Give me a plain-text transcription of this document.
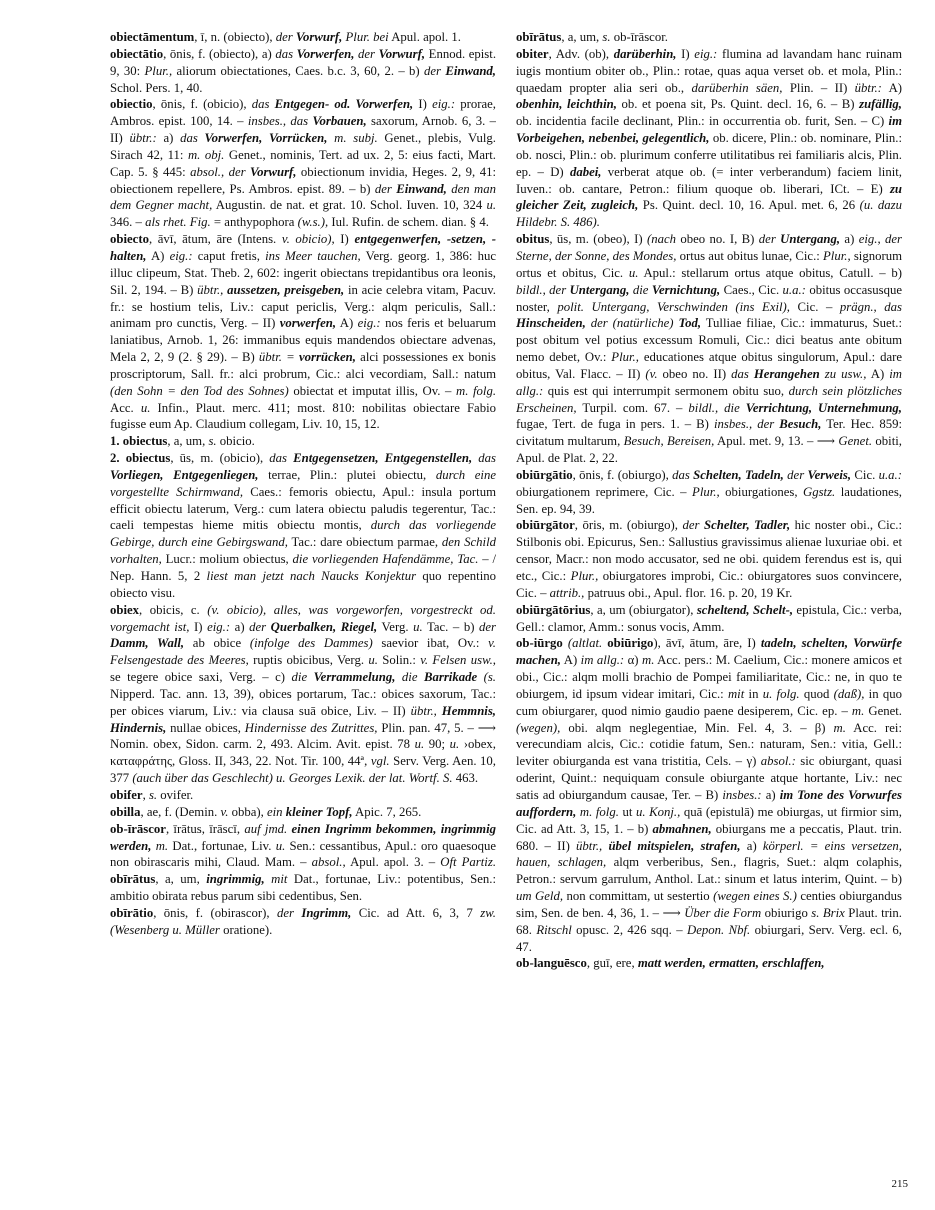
obiectāmentum, ī, n. (obiecto), der Vorwurf, Plur. bei Apul. apol. 1.

obiectātio, ōnis, f. (obiecto), a) das Vorwerfen, der Vorwurf, Ennod. epist. 9, 30: Plur., aliorum obiectationes, Caes. b.c. 3, 60, 2. – b) der Einwand, Schol. Pers. 1, 40.

obiectio, ōnis, f. (obicio), das Entgegen- od. Vorwerfen, I) eig.: prorae, Ambros. epist. 100, 14. – insbes., das Vorbauen, saxorum, Arnob. 6, 3. – II) übtr.: a) das Vorwerfen, Vorrücken, m. subj. Genet., plebis, Vulg. Sirach 42, 11: m. obj. Genet., nominis, Tert. ad ux. 2, 5: eius facti, Mart. Cap. 5. § 445: absol., der Vorwurf, obiectionum invidia, Heges. 2, 9, 41: obiectionem repellere, Ps. Ambros. epist. 89. – b) der Einwand, den man dem Gegner macht, Augustin. de nat. et grat. 10. Schol. Iuven. 10, 324 u. 346. – als rhet. Fig. = anthypophora (w.s.), Iul. Rufin. de schem. dian. § 4.

obiecto, āvī, ātum, āre (Intens. v. obicio), I) entgegenwerfen, -setzen, -halten, A) eig.: caput fretis, ins Meer tauchen, Verg. georg. 1, 386: huc illuc clipeum, Stat. Theb. 2, 602: ingerit obiectans trepidantibus ora leonis, Sil. 2, 194. – B) übtr., aussetzen, preisgeben, in acie celebra vitam, Pacuv. fr.: se hostium telis, Liv.: caput periclis, Verg.: alqm periculis, Sall.: animam pro cunctis, Verg. – II) vorwerfen, A) eig.: nos feris et beluarum laniatibus, Arnob. 1, 26: immanibus equis mandendos obiectare advenas, Mela 2, 2, 9 (2. § 29). – B) übtr. = vorrücken, alci possessiones ex bonis proscriptorum, Sall. fr.: alci probrum, Cic.: alci vecordiam, Sall.: natum (den Sohn = den Tod des Sohnes) obiectat et imputat illis, Ov. – m. folg. Acc. u. Infin., Plaut. merc. 411; most. 810: nobilitas obiectare Fabio fugisse eum Ap. Claudium collegam, Liv. 10, 15, 12.

1. obiectus, a, um, s. obicio.

2. obiectus, ūs, m. (obicio), das Entgegensetzen, Entgegenstellen, das Vorliegen, Entgegenliegen, terrae, Plin.: plutei obiectu, durch eine vorgestellte Schirmwand, Caes.: femoris obiectu, Apul.: insula portum efficit obiectu laterum, Verg.: cum latera obiectu paludis tegerentur, Tac.: caeli tempestas hieme mitis obiectu montis, durch das vorliegende Gebirge, durch eine Gebirgswand, Tac.: dare obiectum parmae, den Schild vorhalten, Lucr.: molium obiectus, die vorliegenden Hafendämme, Tac. – / Nep. Hann. 5, 2 liest man jetzt nach Naucks Konjektur quo repentino obiecto visu.

obiex, obicis, c. (v. obicio), alles, was vorgeworfen, vorgestreckt od. vorgemacht ist, I) eig.: a) der Querbalken, Riegel, Verg. u. Tac. – b) der Damm, Wall, ab obice (infolge des Dammes) saevior ibat, Ov.: v. Felsengestade des Meeres, ruptis obicibus, Verg. u. Solin.: v. Felsen usw., se tegere obice saxi, Verg. – c) die Verrammelung, die Barrikade (s. Nipperd. Tac. ann. 13, 39), obices portarum, Tac.: obices saxorum, Tac.: per obices viarum, Liv.: via clausa suā obice, Liv. – II) übtr., Hemmnis, Hindernis, nullae obices, Hindernisse des Zutrittes, Plin. pan. 47, 5. – ⟶ Nomin. obex, Sidon. carm. 2, 493. Alcim. Avit. epist. 78 u. 90; u. ›obex, καταφράτης, Gloss. II, 343, 22. Not. Tir. 100, 44ª, vgl. Serv. Verg. Aen. 10, 377 (auch über das Geschlecht) u. Georges Lexik. der lat. Wortf. S. 463.

obifer, s. ovifer.

obilla, ae, f. (Demin. v. obba), ein kleiner Topf, Apic. 7, 265.

ob-īrāscor, īrātus, īrāscī, auf jmd. einen Ingrimm bekommen, ingrimmig werden, m. Dat., fortunae, Liv. u. Sen.: cessantibus, Apul.: oro quaesoque non obirascaris mihi, Claud. Mam. – absol., Apul. apol. 3. – Oft Partiz. obīrātus, a, um, ingrimmig, mit Dat., fortunae, Liv.: potentibus, Sen.: ambitio obirata rebus parum sibi cedentibus, Sen.

obīrātio, ōnis, f. (obirascor), der Ingrimm, Cic. ad Att. 6, 3, 7 zw. (Wesenberg u. Müller oratione).

obīrātus, a, um, s. ob-īrāscor.

obiter, Adv. (ob), darüberhin, I) eig.: flumina ad lavandam hanc ruinam iugis montium obiter ob., Plin.: rotae, quas aqua verset ob. et mola, Plin.: quaedam propter alia seri ob., darüberhin säen, Plin. – II) übtr.: A) obenhin, leichthin, ob. et poena sit, Ps. Quint. decl. 16, 6. – B) zufällig, ob. incidentia facile declinant, Plin.: in occurrentia ob. furit, Sen. – C) im Vorbeigehen, nebenbei, gelegentlich, ob. dicere, Plin.: ob. nominare, Plin.: ob. nosci, Plin.: ob. plurimum conferre utilitatibus rei familiaris alcis, Plin. ep. – D) dabei, verberat atque ob. (= inter verberandum) faciem linit, Iuven.: ob. cantare, Petron.: filium quoque ob. liberari, ICt. – E) zu gleicher Zeit, zugleich, Ps. Quint. decl. 10, 16. Apul. met. 6, 26 (u. dazu Hildebr. S. 486).

obitus, ūs, m. (obeo), I) (nach obeo no. I, B) der Untergang, a) eig., der Sterne, der Sonne, des Mondes, ortus aut obitus lunae, Cic.: Plur., signorum ortus et obitus, Cic. u. Apul.: stellarum ortus atque obitus, Catull. – b) bildl., der Untergang, die Vernichtung, Caes., Cic. u.a.: obitus occasusque noster, polit. Untergang, Verschwinden (ins Exil), Cic. – prägn., das Hinscheiden, der (natürliche) Tod, Tulliae filiae, Cic.: immaturus, Suet.: post obitum vel potius excessum Romuli, Cic.: dici beatus ante obitum nemo debet, Ov.: Plur., educationes atque obitus singulorum, Apul.: dare obitus, Val. Flacc. – II) (v. obeo no. II) das Herangehen zu usw., A) im allg.: quis est qui interrumpit sermonem obitu suo, durch sein plötzliches Erscheinen, Turpil. com. 67. – bildl., die Verrichtung, Unternehmung, fugae, Tert. de fuga in pers. 1. – B) insbes., der Besuch, Ter. Hec. 859: civitatum multarum, Besuch, Bereisen, Apul. met. 9, 13. – ⟶ Genet. obiti, Apul. de Plat. 2, 22.

obiūrgātio, ōnis, f. (obiurgo), das Schelten, Tadeln, der Verweis, Cic. u.a.: obiurgationem reprimere, Cic. – Plur., obiurgationes, Ggstz. laudationes, Sen. ep. 94, 39.

obiūrgātor, ōris, m. (obiurgo), der Schelter, Tadler, hic noster obi., Cic.: Stilbonis obi. Epicurus, Sen.: Sallustius gravissimus alienae luxuriae obi. et censor, Macr.: non modo accusator, sed ne obi. quidem ferendus est is, qui etc., Cic.: Plur., obiurgatores improbi, Cic.: obiurgatores suos convincere, Cic. – attrib., patruus obi., Apul. flor. 16. p. 20, 19 Kr.

obiūrgātōrius, a, um (obiurgator), scheltend, Schelt-, epistula, Cic.: verba, Gell.: clamor, Amm.: sonus vocis, Amm.

ob-iūrgo (altlat. obiūrigo), āvī, ātum, āre, I) tadeln, schelten, Vorwürfe machen, A) im allg.: α) m. Acc. pers.: M. Caelium, Cic.: monere amicos et obi., Cic.: alqm molli brachio de Pompei familiaritate, Cic.: ne, in quo te obiurgem, id ipsum videar imitari, Cic.: mit in u. folg. quod (daß), in quo cum obiurgarer, quod nimio gaudio paene desiperem, Cic. ep. – m. Genet. (wegen), obi. alqm neglegentiae, Min. Fel. 4, 3. – β) m. Acc. rei: verecundiam alcis, Cic.: cotidie fatum, Sen.: naturam, Sen.: vitia, Gell.: leviter obiurganda est vana tristitia, Cels. – γ) absol.: sic obiurgant, quasi oderint, Quint.: nequiquam consule obiurgante atque hortante, Liv.: nec satis ad obiurgandum causae, Ter. – B) insbes.: a) im Tone des Vorwurfes auffordern, m. folg. ut u. Konj., quā (epistulā) me obiurgas, ut firmior sim, Cic. ad Att. 3, 15, 1. – b) abmahnen, obiurgans me a peccatis, Plaut. trin. 680. – II) übtr., übel mitspielen, strafen, a) körperl. = eins versetzen, hauen, schlagen, alqm verberibus, Sen., flagris, Suet.: alqm colaphis, Petron.: servum garrulum, Anthol. Lat.: sinum et latus interim, Quint. – b) um Geld, non committam, ut sestertio (wegen eines S.) centies obiurgandus sim, Sen. de ben. 4, 36, 1. – ⟶ Über die Form obiurigo s. Brix Plaut. trin. 68. Ritschl opusc. 2, 426 sqq. – Depon. Nbf. obiurgari, Serv. Verg. ecl. 6, 47.

ob-languēsco, guī, ere, matt werden, ermatten, erschlaffen,

215
